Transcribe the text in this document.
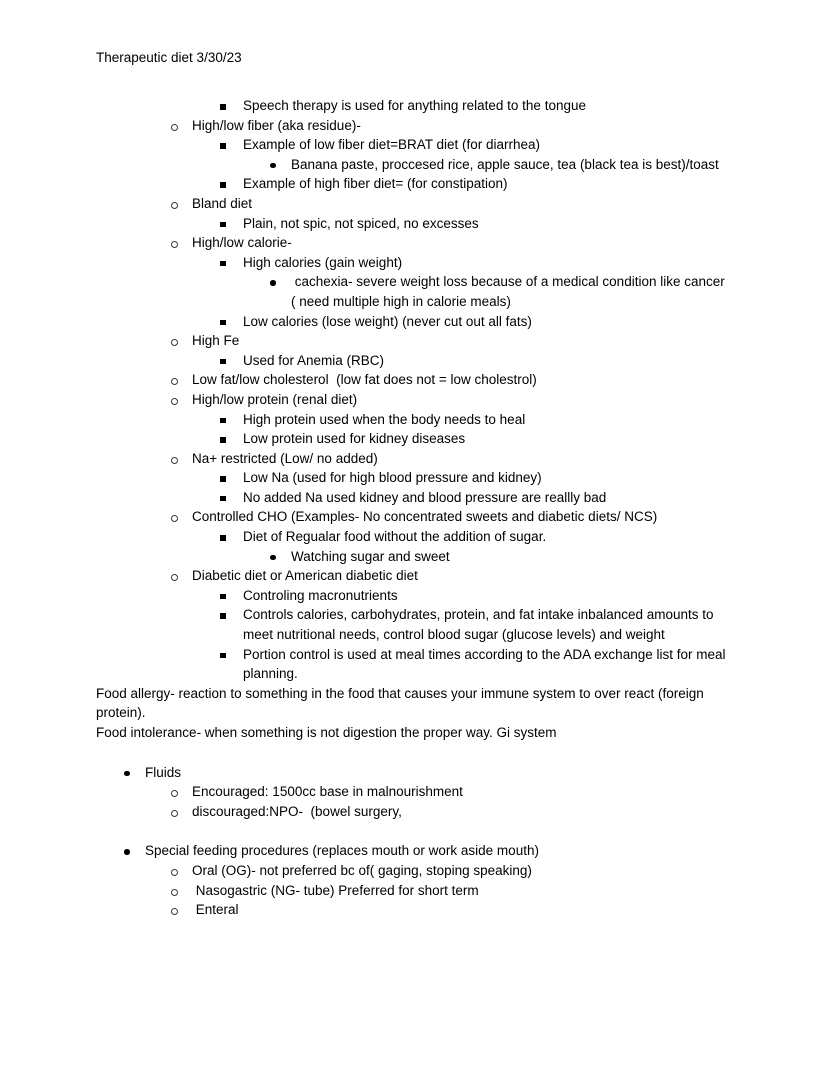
Therapeutic diet 3/30/23
Speech therapy is used for anything related to the tongue
High/low fiber (aka residue)-
Example of low fiber diet=BRAT diet (for diarrhea)
Banana paste, proccesed rice, apple sauce, tea (black tea is best)/toast
Example of high fiber diet= (for constipation)
Bland diet
Plain, not spic, not spiced, no excesses
High/low calorie-
High calories (gain weight)
cachexia- severe weight loss because of a medical condition like cancer ( need multiple high in calorie meals)
Low calories (lose weight) (never cut out all fats)
High Fe
Used for Anemia (RBC)
Low fat/low cholesterol  (low fat does not = low cholestrol)
High/low protein (renal diet)
High protein used when the body needs to heal
Low protein used for kidney diseases
Na+ restricted (Low/ no added)
Low Na (used for high blood pressure and kidney)
No added Na used kidney and blood pressure are reallly bad
Controlled CHO (Examples- No concentrated sweets and diabetic diets/ NCS)
Diet of Regualar food without the addition of sugar.
Watching sugar and sweet
Diabetic diet or American diabetic diet
Controling macronutrients
Controls calories, carbohydrates, protein, and fat intake inbalanced amounts to meet nutritional needs, control blood sugar (glucose levels) and weight
Portion control is used at meal times according to the ADA exchange list for meal planning.
Food allergy- reaction to something in the food that causes your immune system to over react (foreign protein).
Food intolerance- when something is not digestion the proper way. Gi system
Fluids
Encouraged: 1500cc base in malnourishment
discouraged:NPO-  (bowel surgery,
Special feeding procedures (replaces mouth or work aside mouth)
Oral (OG)- not preferred bc of( gaging, stoping speaking)
Nasogastric (NG- tube) Preferred for short term
Enteral
